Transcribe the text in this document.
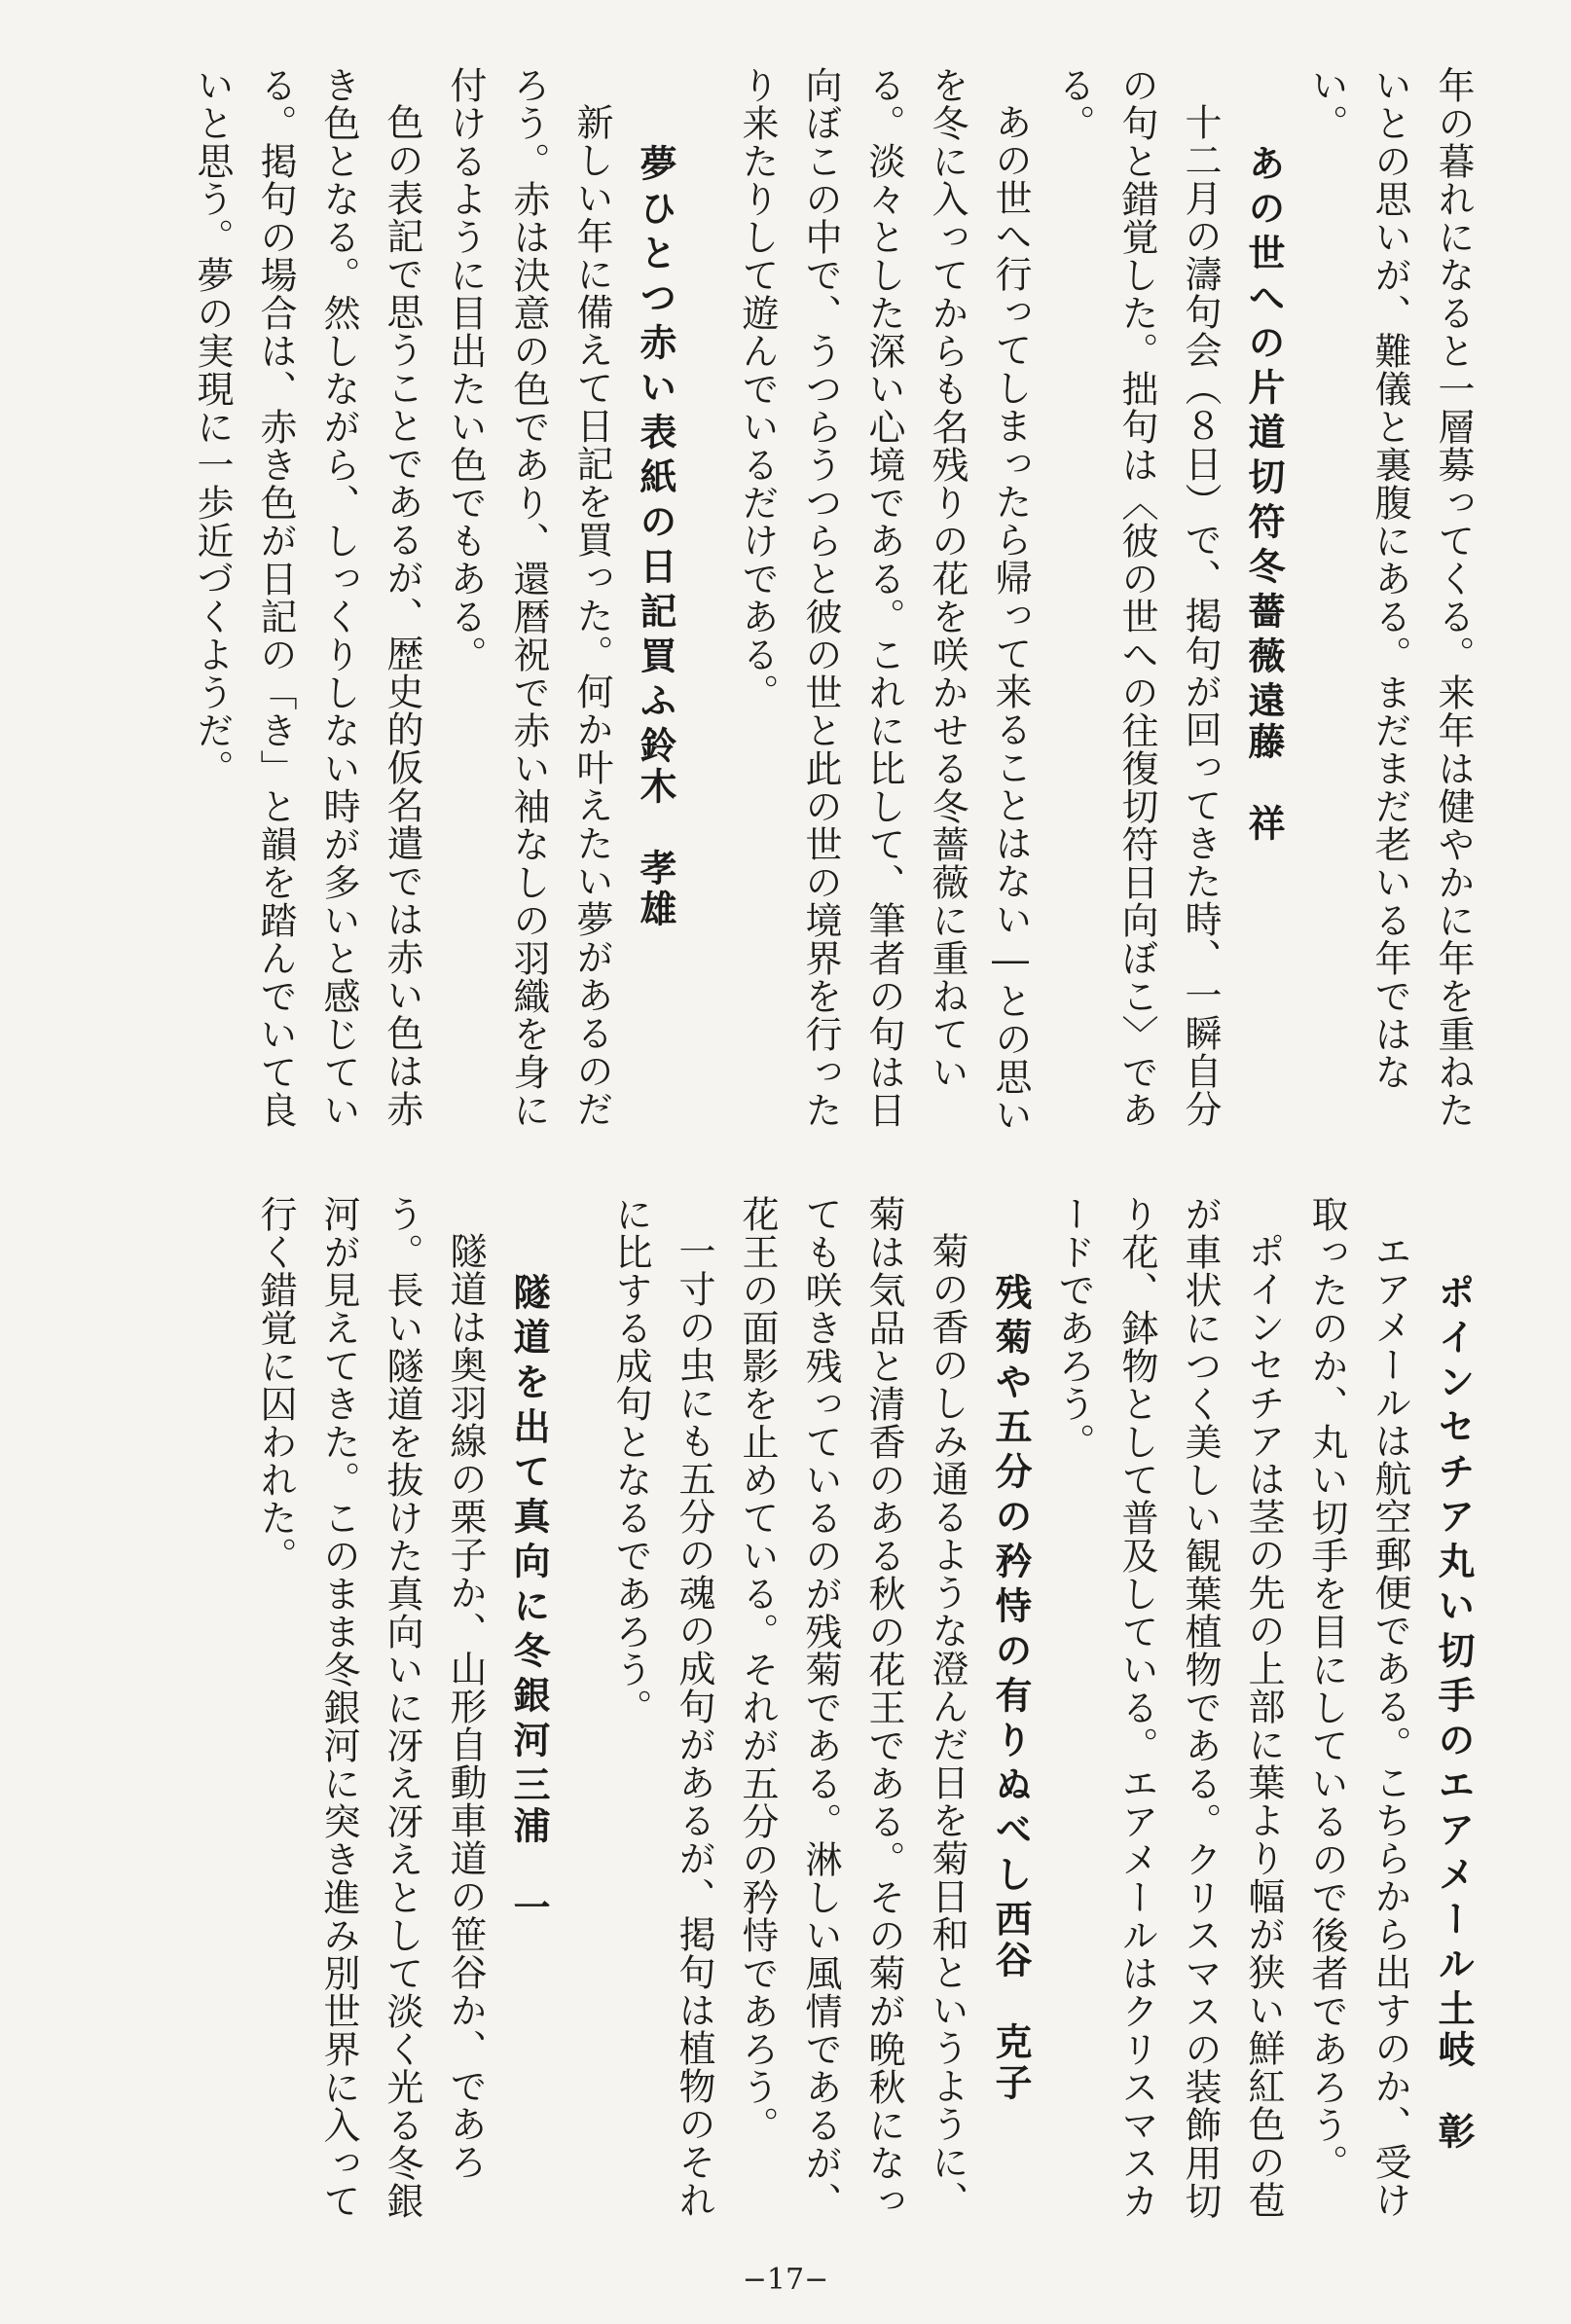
年の暮れになると一層募ってくる。来年は健やかに年を重ねたいとの思いが、難儀と裏腹にある。まだまだ老いる年ではない。

あの世への片道切符冬薔薇遠藤　祥

十二月の濤句会（８日）で、掲句が回ってきた時、一瞬自分の句と錯覚した。拙句は〈彼の世への往復切符日向ぼこ〉である。

あの世へ行ってしまったら帰って来ることはない―との思いを冬に入ってからも名残りの花を咲かせる冬薔薇に重ねている。淡々とした深い心境である。これに比して、筆者の句は日向ぼこの中で、うつらうつらと彼の世と此の世の境界を行ったり来たりして遊んでいるだけである。

夢ひとつ赤い表紙の日記買ふ鈴木　孝雄

新しい年に備えて日記を買った。何か叶えたい夢があるのだろう。赤は決意の色であり、還暦祝で赤い袖なしの羽織を身に付けるように目出たい色でもある。

色の表記で思うことであるが、歴史的仮名遣では赤い色は赤き色となる。然しながら、しっくりしない時が多いと感じている。掲句の場合は、赤き色が日記の「き」と韻を踏んでいて良いと思う。夢の実現に一歩近づくようだ。

ポインセチア丸い切手のエアメール土岐　彰

エアメールは航空郵便である。こちらから出すのか、受け取ったのか、丸い切手を目にしているので後者であろう。

ポインセチアは茎の先の上部に葉より幅が狭い鮮紅色の苞が車状につく美しい観葉植物である。クリスマスの装飾用切り花、鉢物として普及している。エアメールはクリスマスカードであろう。

残菊や五分の矜恃の有りぬべし西谷　克子

菊の香のしみ通るような澄んだ日を菊日和というように、菊は気品と清香のある秋の花王である。その菊が晩秋になっても咲き残っているのが残菊である。淋しい風情であるが、花王の面影を止めている。それが五分の矜恃であろう。

一寸の虫にも五分の魂の成句があるが、掲句は植物のそれに比する成句となるであろう。

隧道を出て真向に冬銀河三浦　一

隧道は奥羽線の栗子か、山形自動車道の笹谷か、であろう。長い隧道を抜けた真向いに冴え冴えとして淡く光る冬銀河が見えてきた。このまま冬銀河に突き進み別世界に入って行く錯覚に囚われた。

−17−
